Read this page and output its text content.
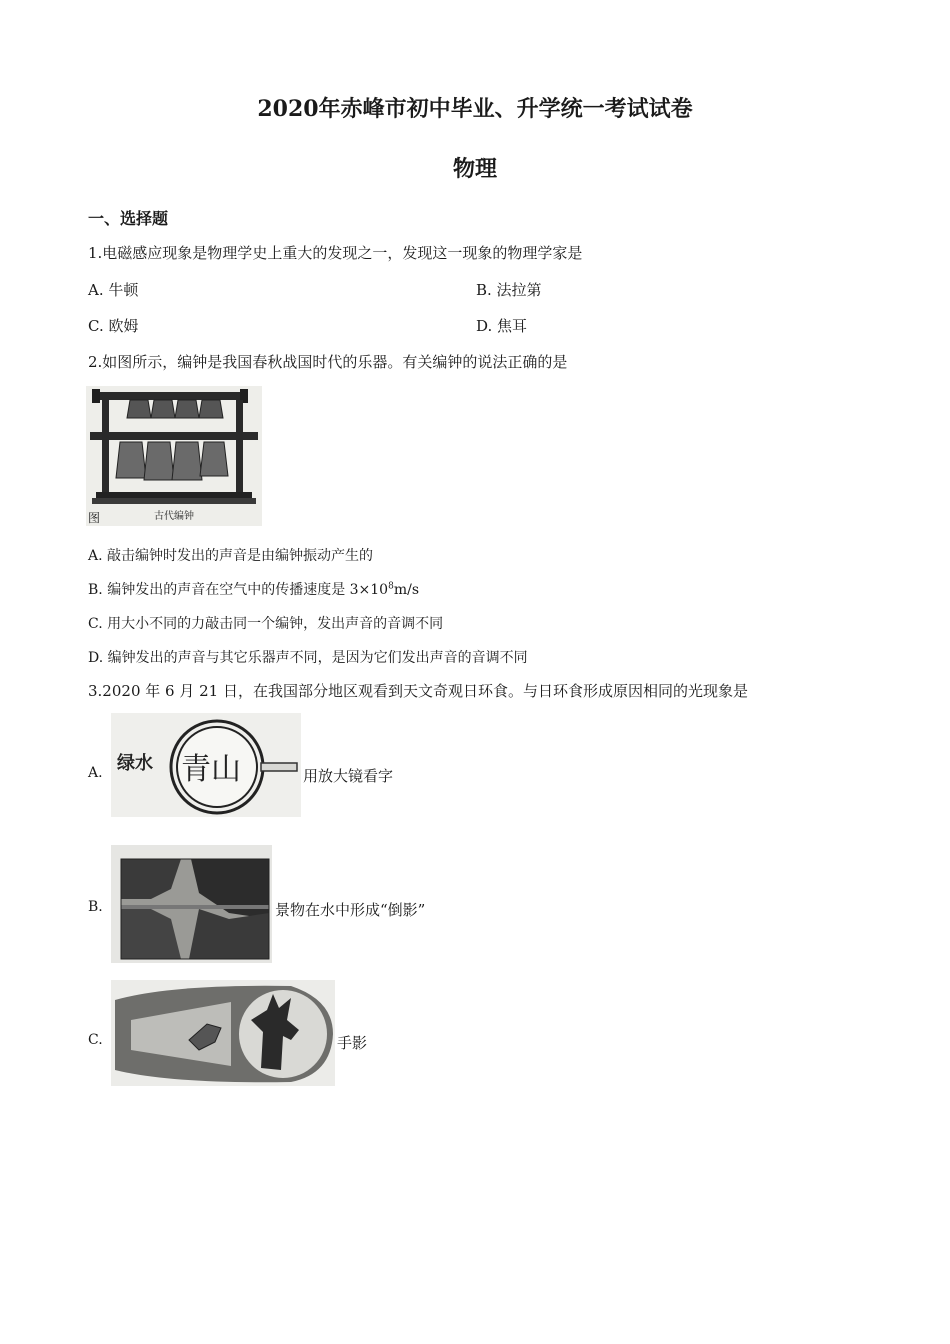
2020年赤峰市初中毕业、升学统一考试试卷
物理
一、选择题
1.电磁感应现象是物理学史上重大的发现之一，发现这一现象的物理学家是
A. 牛顿	B. 法拉第
C. 欧姆	D. 焦耳
2.如图所示，编钟是我国春秋战国时代的乐器。有关编钟的说法正确的是
图	古代编钟
A. 敲击编钟时发出的声音是由编钟振动产生的
B. 编钟发出的声音在空气中的传播速度是 $3\times 10^8m/s$
C. 用大小不同的力敲击同一个编钟，发出声音的音调不同
D. 编钟发出的声音与其它乐器声不同，是因为它们发出声音的音调不同
3.2020 年 6 月 21 日，在我国部分地区观看到天文奇观日环食。与日环食形成原因相同的光现象是
A. 绿水 青山	用放大镜看字
B.	景物在水中形成“倒影”
C.	手影
